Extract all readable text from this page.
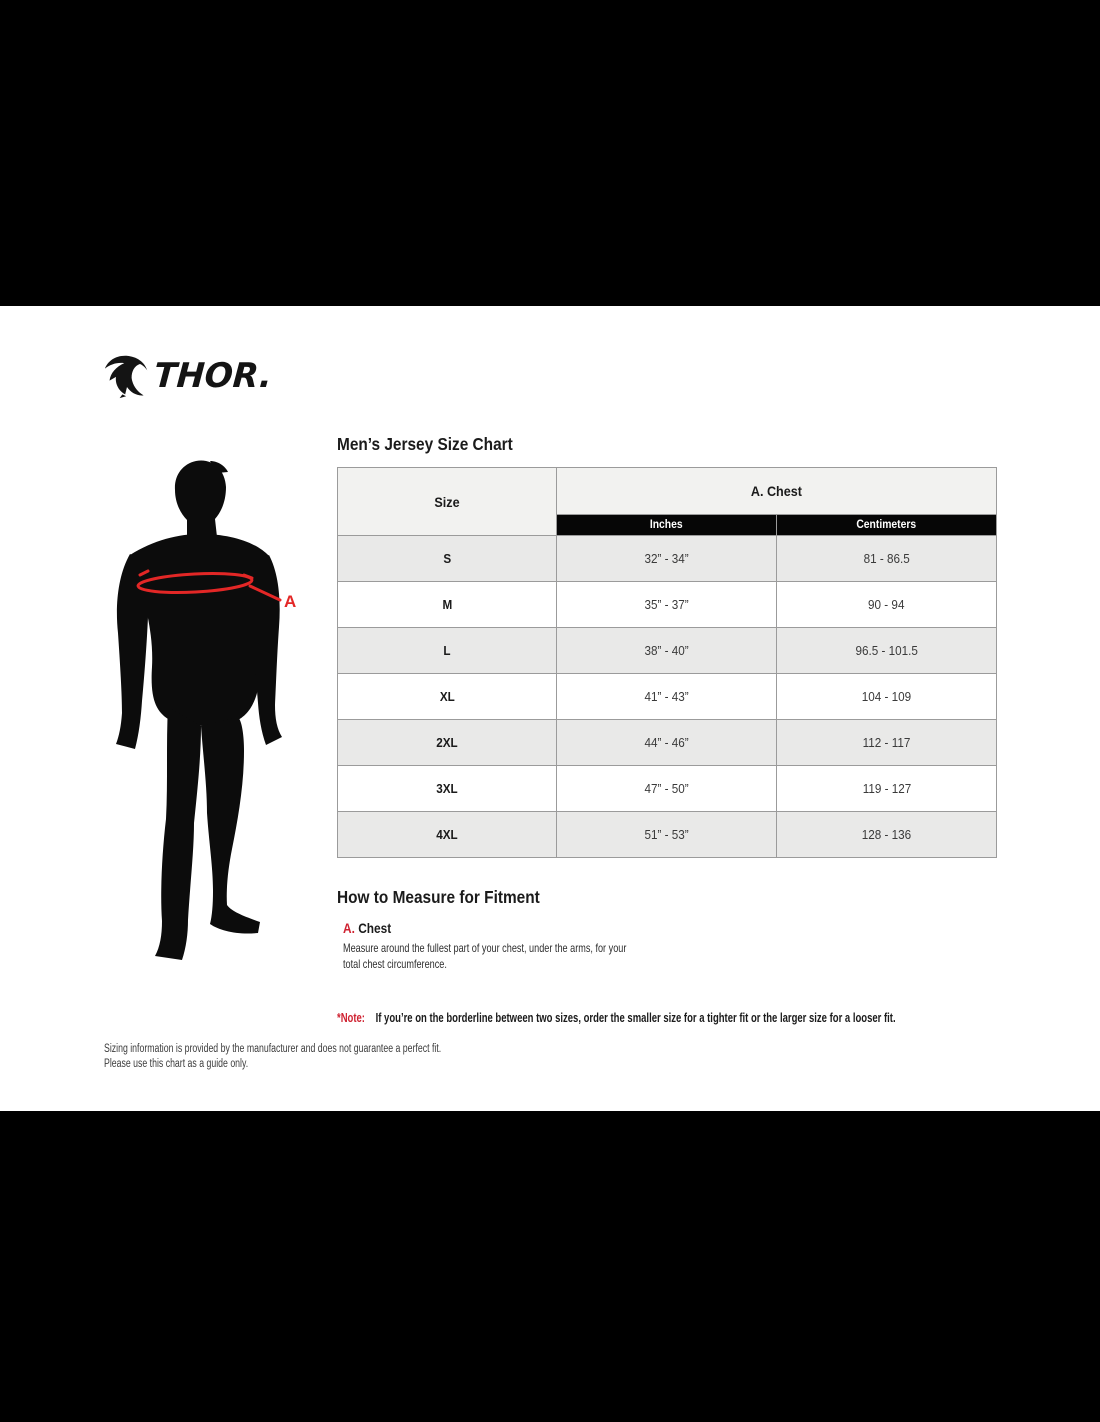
THOR.
A
Men’s Jersey Size Chart
Size	A. Chest	
	Inches	Centimeters
S	32” - 34”	81 - 86.5
M	35” - 37”	90 - 94
L	38” - 40”	96.5 - 101.5
XL	41” - 43”	104 - 109
2XL	44” - 46”	112 - 117
3XL	47” - 50”	119 - 127
4XL	51” - 53”	128 - 136
How to Measure for Fitment
A. Chest
Measure around the fullest part of your chest, under the arms, for your
total chest circumference.
*Note: If you’re on the borderline between two sizes, order the smaller size for a tighter fit or the larger size for a looser fit.
Sizing information is provided by the manufacturer and does not guarantee a perfect fit.
Please use this chart as a guide only.
